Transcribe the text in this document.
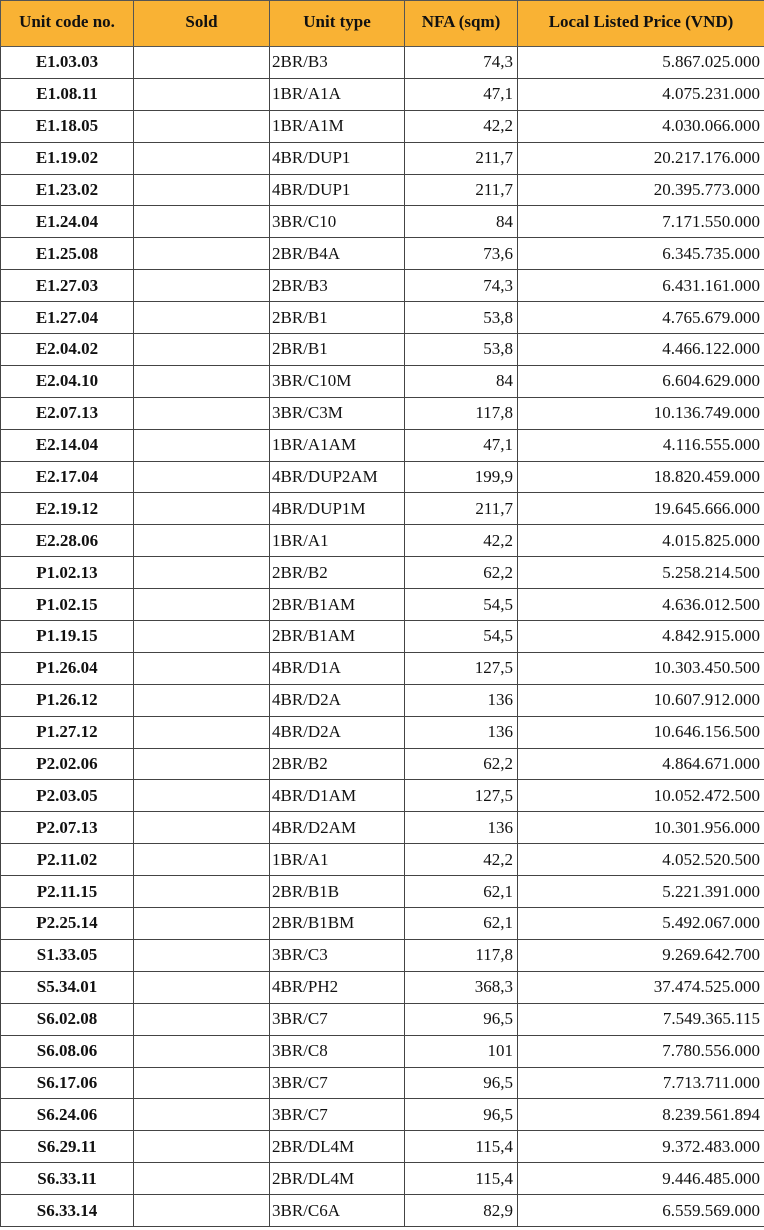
Unit code no.	Sold	Unit type	NFA (sqm)	Local Listed Price (VND)
E1.03.03		2BR/B3	74,3	5.867.025.000
E1.08.11		1BR/A1A	47,1	4.075.231.000
E1.18.05		1BR/A1M	42,2	4.030.066.000
E1.19.02		4BR/DUP1	211,7	20.217.176.000
E1.23.02		4BR/DUP1	211,7	20.395.773.000
E1.24.04		3BR/C10	84	7.171.550.000
E1.25.08		2BR/B4A	73,6	6.345.735.000
E1.27.03		2BR/B3	74,3	6.431.161.000
E1.27.04		2BR/B1	53,8	4.765.679.000
E2.04.02		2BR/B1	53,8	4.466.122.000
E2.04.10		3BR/C10M	84	6.604.629.000
E2.07.13		3BR/C3M	117,8	10.136.749.000
E2.14.04		1BR/A1AM	47,1	4.116.555.000
E2.17.04		4BR/DUP2AM	199,9	18.820.459.000
E2.19.12		4BR/DUP1M	211,7	19.645.666.000
E2.28.06		1BR/A1	42,2	4.015.825.000
P1.02.13		2BR/B2	62,2	5.258.214.500
P1.02.15		2BR/B1AM	54,5	4.636.012.500
P1.19.15		2BR/B1AM	54,5	4.842.915.000
P1.26.04		4BR/D1A	127,5	10.303.450.500
P1.26.12		4BR/D2A	136	10.607.912.000
P1.27.12		4BR/D2A	136	10.646.156.500
P2.02.06		2BR/B2	62,2	4.864.671.000
P2.03.05		4BR/D1AM	127,5	10.052.472.500
P2.07.13		4BR/D2AM	136	10.301.956.000
P2.11.02		1BR/A1	42,2	4.052.520.500
P2.11.15		2BR/B1B	62,1	5.221.391.000
P2.25.14		2BR/B1BM	62,1	5.492.067.000
S1.33.05		3BR/C3	117,8	9.269.642.700
S5.34.01		4BR/PH2	368,3	37.474.525.000
S6.02.08		3BR/C7	96,5	7.549.365.115
S6.08.06		3BR/C8	101	7.780.556.000
S6.17.06		3BR/C7	96,5	7.713.711.000
S6.24.06		3BR/C7	96,5	8.239.561.894
S6.29.11		2BR/DL4M	115,4	9.372.483.000
S6.33.11		2BR/DL4M	115,4	9.446.485.000
S6.33.14		3BR/C6A	82,9	6.559.569.000
